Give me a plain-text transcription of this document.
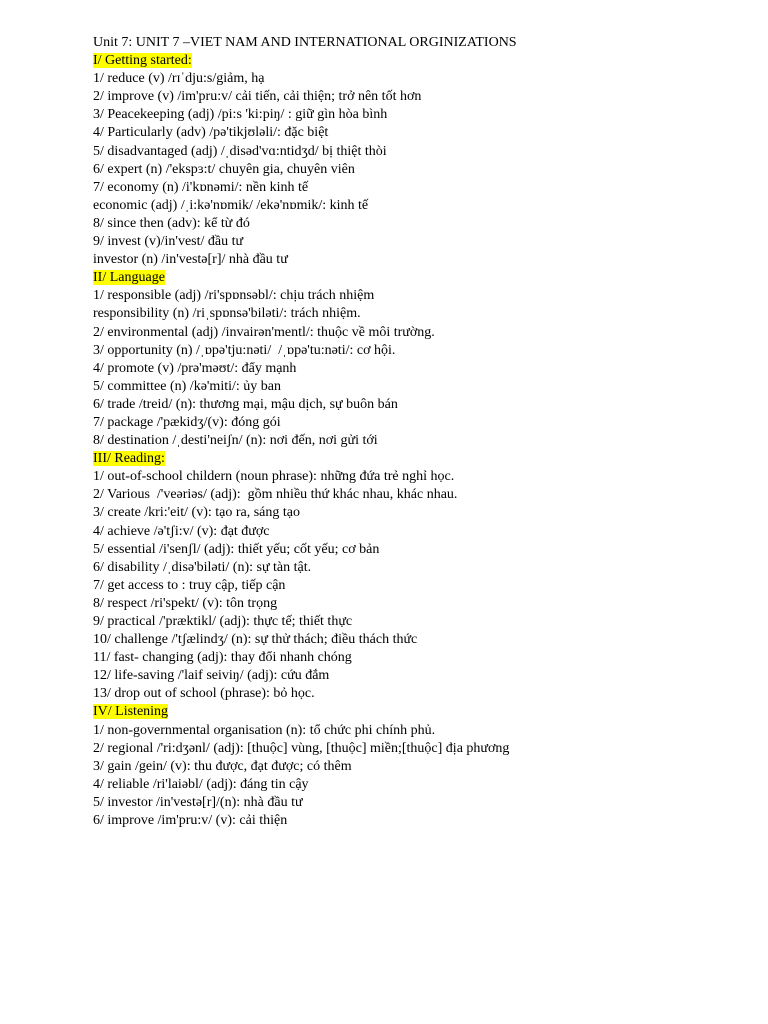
Unit 7: UNIT 7 –VIET NAM AND INTERNATIONAL ORGINIZATIONS
I/ Getting started:
1/ reduce (v) /rɪˈdju:s/giảm, hạ
2/ improve (v) /im'pru:v/ cải tiến, cải thiện; trở nên tốt hơn
3/ Peacekeeping (adj) /pi:s 'ki:piŋ/ : giữ gìn hòa bình
4/ Particularly (adv) /pə'tikjʊləli/: đặc biệt
5/ disadvantaged (adj) /ˌdisəd'vɑ:ntidʒd/ bị thiệt thòi
6/ expert (n) /'ekspɜ:t/ chuyên gia, chuyên viên
7/ economy (n) /i'kɒnəmi/: nền kinh tế
economic (adj) /ˌi:kə'nɒmik/ /ekə'nɒmik/: kinh tế
8/ since then (adv): kể từ đó
9/ invest (v)/in'vest/ đầu tư
investor (n) /in'vestə[r]/ nhà đầu tư
II/ Language
1/ responsible (adj) /ri'spɒnsəbl/: chịu trách nhiệm
responsibility (n) /riˌspɒnsə'biləti/: trách nhiệm.
2/ environmental (adj) /invairən'mentl/: thuộc về môi trường.
3/ opportunity (n) /ˌɒpə'tju:nəti/  /ˌɒpə'tu:nəti/: cơ hội.
4/ promote (v) /prə'məʊt/: đẩy mạnh
5/ committee (n) /kə'miti/: ủy ban
6/ trade /treid/ (n): thương mại, mậu dịch, sự buôn bán
7/ package /'pækidʒ/(v): đóng gói
8/ destination /ˌdesti'neiʃn/ (n): nơi đến, nơi gửi tới
III/ Reading:
1/ out-of-school childern (noun phrase): những đứa trẻ nghỉ học.
2/ Various  /'veəriəs/ (adj):  gồm nhiều thứ khác nhau, khác nhau.
3/ create /kri:'eit/ (v): tạo ra, sáng tạo
4/ achieve /ə'tʃi:v/ (v): đạt được
5/ essential /i'senʃl/ (adj): thiết yếu; cốt yếu; cơ bản
6/ disability /ˌdisə'biləti/ (n): sự tàn tật.
7/ get access to : truy cập, tiếp cận
8/ respect /ri'spekt/ (v): tôn trọng
9/ practical /'præktikl/ (adj): thực tế; thiết thực
10/ challenge /'tʃælindʒ/ (n): sự thử thách; điều thách thức
11/ fast- changing (adj): thay đổi nhanh chóng
12/ life-saving /'laif seiviŋ/ (adj): cứu đắm
13/ drop out of school (phrase): bỏ học.
IV/ Listening
1/ non-governmental organisation (n): tổ chức phi chính phủ.
2/ regional /'ri:dʒənl/ (adj): [thuộc] vùng, [thuộc] miền;[thuộc] địa phương
3/ gain /gein/ (v): thu được, đạt được; có thêm
4/ reliable /ri'laiəbl/ (adj): đáng tin cậy
5/ investor /in'vestə[r]/(n): nhà đầu tư
6/ improve /im'pru:v/ (v): cải thiện
